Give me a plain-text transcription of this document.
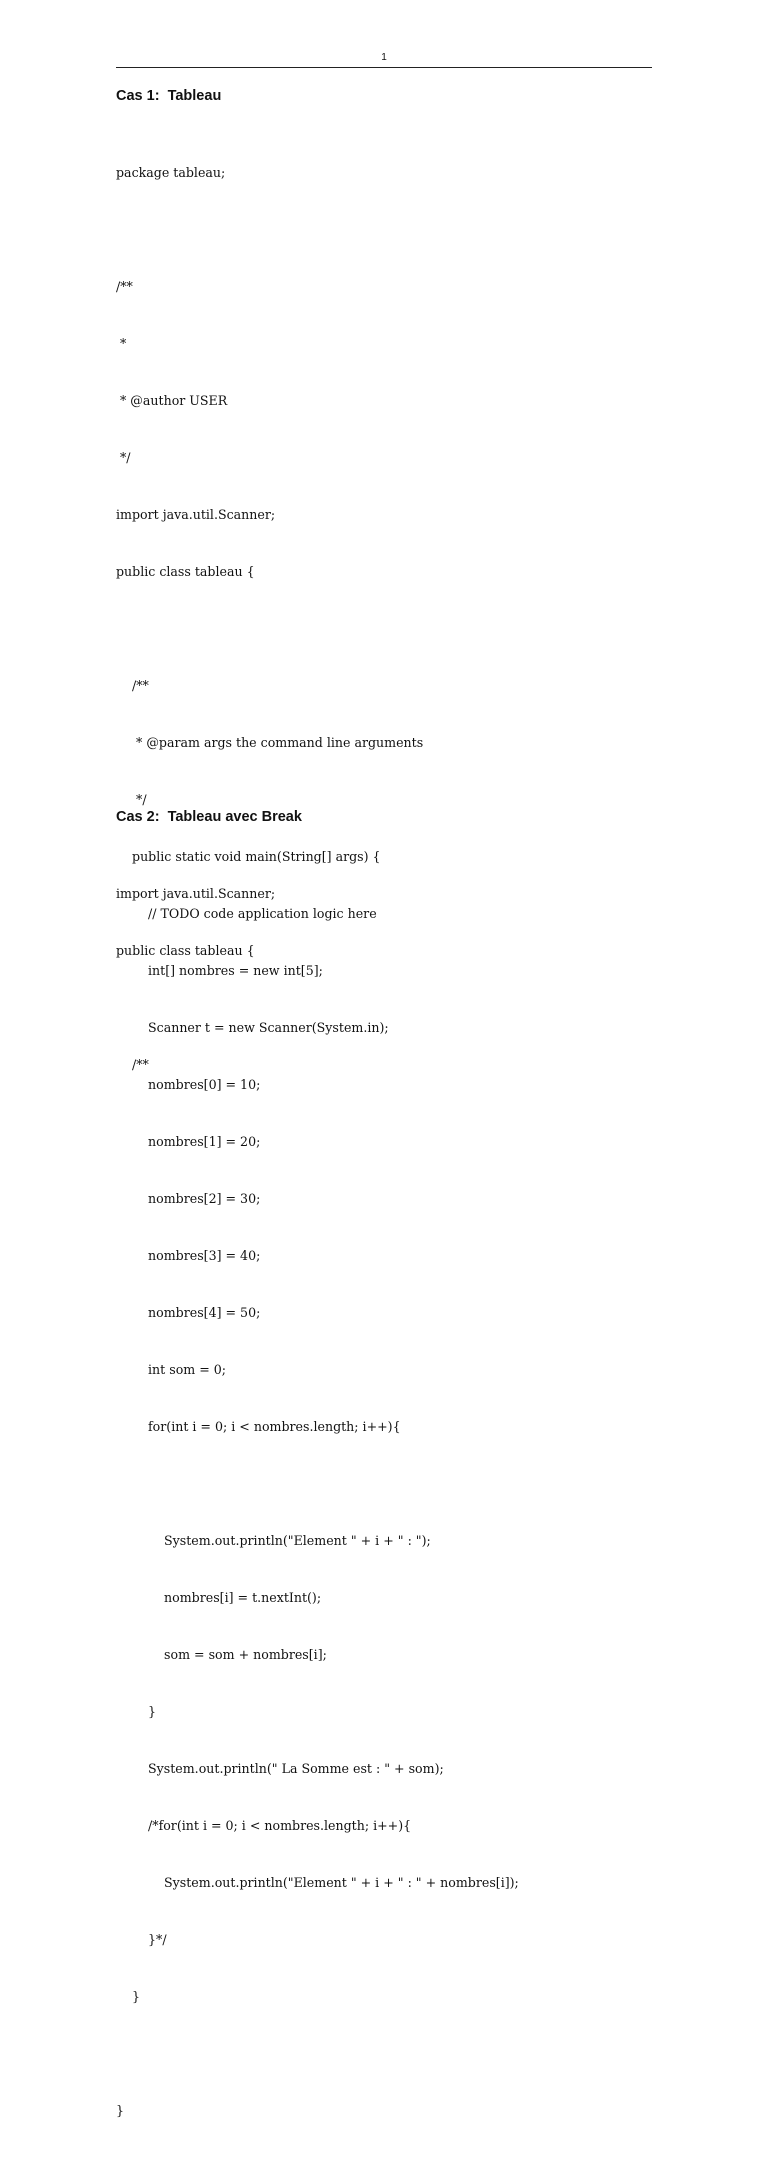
1
Cas 1:  Tableau

package tableau;

/**

*

* @author USER

*/

import java.util.Scanner;

public class tableau {

/**

* @param args the command line arguments

*/

public static void main(String[] args) {

// TODO code application logic here

int[] nombres = new int[5];

Scanner t = new Scanner(System.in);

nombres[0] = 10;

nombres[1] = 20;

nombres[2] = 30;

nombres[3] = 40;

nombres[4] = 50;

int som = 0;

for(int i = 0; i < nombres.length; i++){

System.out.println("Element " + i + " : ");

nombres[i] = t.nextInt();

som = som + nombres[i];

}

System.out.println(" La Somme est : " + som);

/*for(int i = 0; i < nombres.length; i++){

System.out.println("Element " + i + " : " + nombres[i]);

}*/

}

}

Cas 2:  Tableau avec Break

import java.util.Scanner;

public class tableau {

/**
